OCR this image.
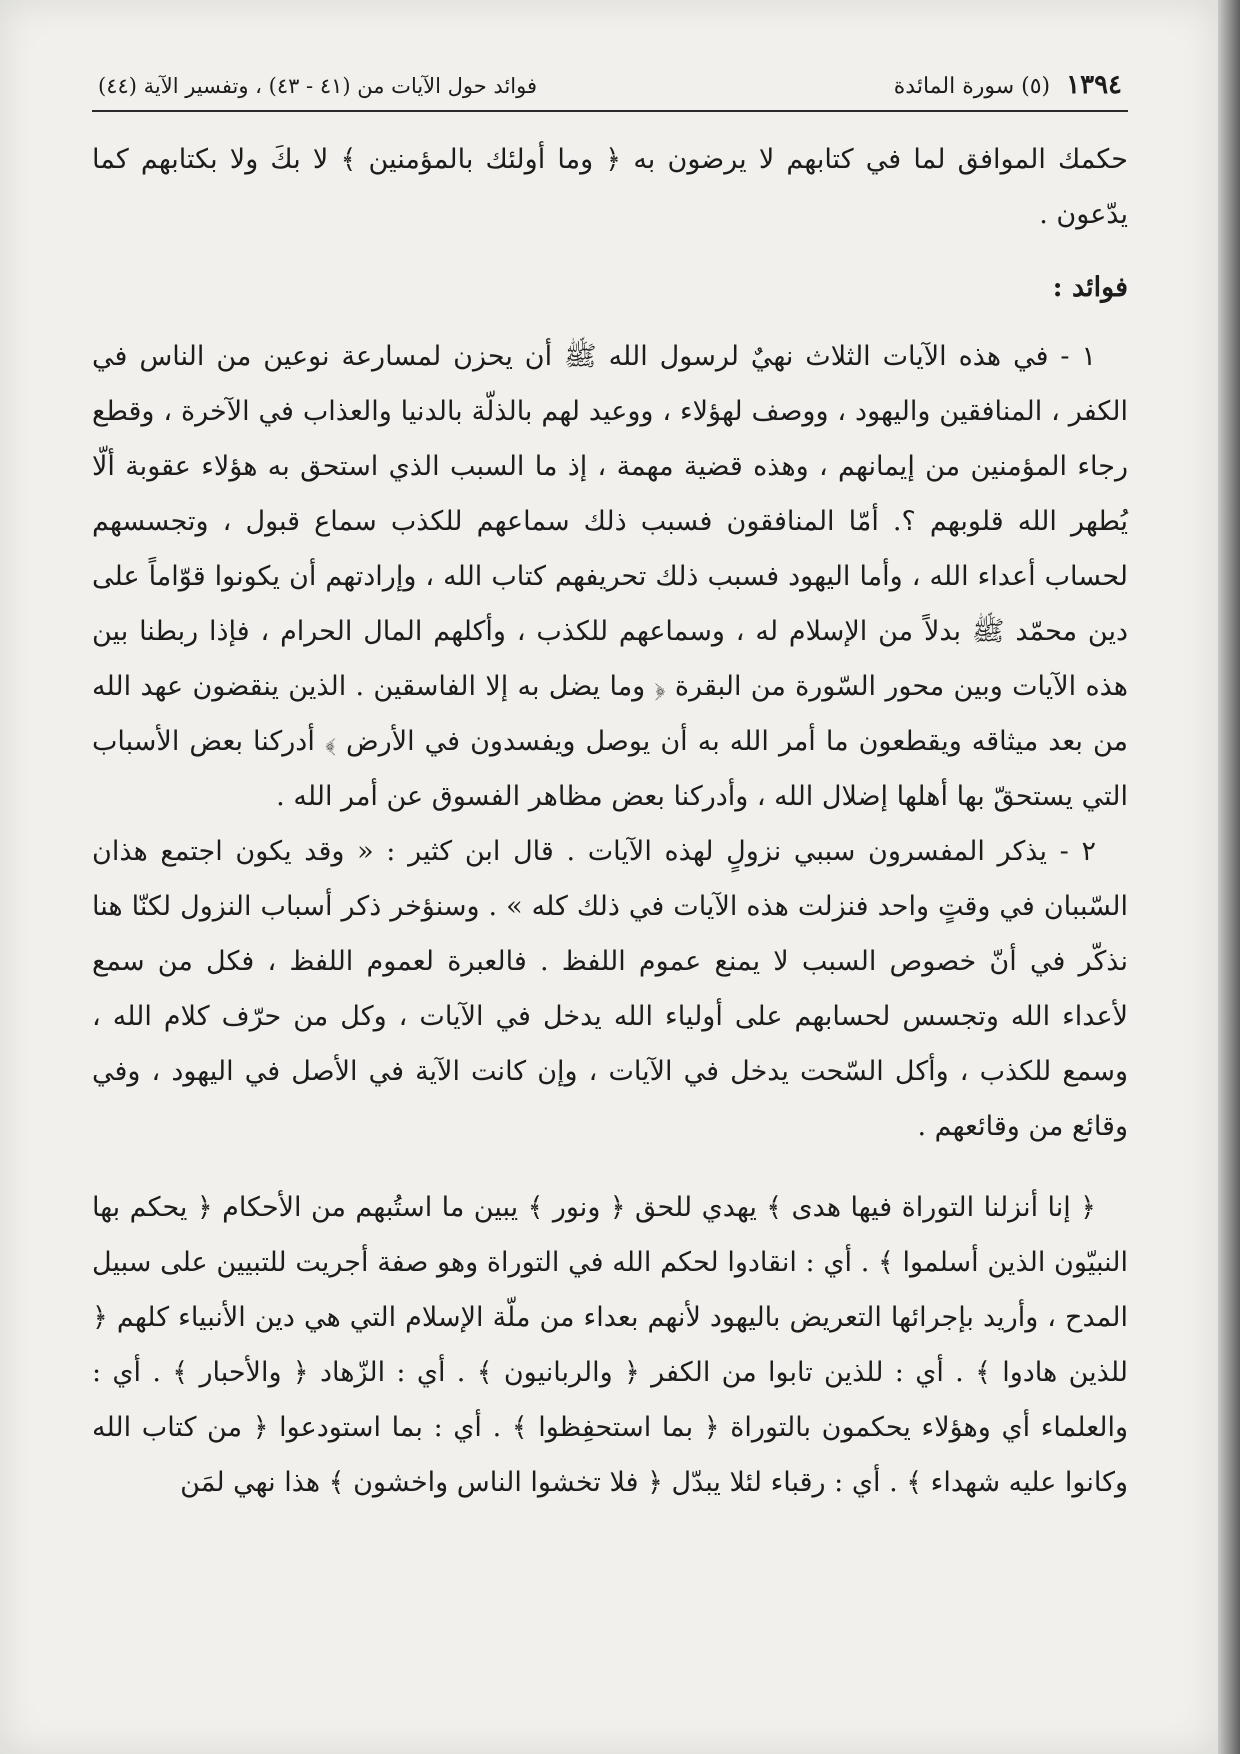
١٣٩٤
(٥) سورة المائدة
فوائد حول الآيات من (٤١ - ٤٣) ، وتفسير الآية (٤٤)

حكمك الموافق لما في كتابهم لا يرضون به ﴿ وما أولئك بالمؤمنين ﴾ لا بكَ ولا بكتابهم كما يدّعون .

فوائد :

١ - في هذه الآيات الثلاث نهيٌ لرسول الله ﷺ أن يحزن لمسارعة نوعين من الناس في الكفر ، المنافقين واليهود ، ووصف لهؤلاء ، ووعيد لهم بالذلّة بالدنيا والعذاب في الآخرة ، وقطع رجاء المؤمنين من إيمانهم ، وهذه قضية مهمة ، إذ ما السبب الذي استحق به هؤلاء عقوبة ألّا يُطهر الله قلوبهم ؟. أمّا المنافقون فسبب ذلك سماعهم للكذب سماع قبول ، وتجسسهم لحساب أعداء الله ، وأما اليهود فسبب ذلك تحريفهم كتاب الله ، وإرادتهم أن يكونوا قوّاماً على دين محمّد ﷺ بدلاً من الإسلام له ، وسماعهم للكذب ، وأكلهم المال الحرام ، فإذا ربطنا بين هذه الآيات وبين محور السّورة من البقرة ﴿ وما يضل به إلا الفاسقين . الذين ينقضون عهد الله من بعد ميثاقه ويقطعون ما أمر الله به أن يوصل ويفسدون في الأرض ﴾ أدركنا بعض الأسباب التي يستحقّ بها أهلها إضلال الله ، وأدركنا بعض مظاهر الفسوق عن أمر الله .

٢ - يذكر المفسرون سببي نزولٍ لهذه الآيات . قال ابن كثير : « وقد يكون اجتمع هذان السّببان في وقتٍ واحد فنزلت هذه الآيات في ذلك كله » . وسنؤخر ذكر أسباب النزول لكنّا هنا نذكّر في أنّ خصوص السبب لا يمنع عموم اللفظ . فالعبرة لعموم اللفظ ، فكل من سمع لأعداء الله وتجسس لحسابهم على أولياء الله يدخل في الآيات ، وكل من حرّف كلام الله ، وسمع للكذب ، وأكل السّحت يدخل في الآيات ، وإن كانت الآية في الأصل في اليهود ، وفي وقائع من وقائعهم .

﴿ إنا أنزلنا التوراة فيها هدى ﴾ يهدي للحق ﴿ ونور ﴾ يبين ما استُبهم من الأحكام ﴿ يحكم بها النبيّون الذين أسلموا ﴾ . أي : انقادوا لحكم الله في التوراة وهو صفة أجريت للتبيين على سبيل المدح ، وأريد بإجرائها التعريض باليهود لأنهم بعداء من ملّة الإسلام التي هي دين الأنبياء كلهم ﴿ للذين هادوا ﴾ . أي : للذين تابوا من الكفر ﴿ والربانيون ﴾ . أي : الزّهاد ﴿ والأحبار ﴾ . أي : والعلماء أي وهؤلاء يحكمون بالتوراة ﴿ بما استحفِظوا ﴾ . أي : بما استودعوا ﴿ من كتاب الله وكانوا عليه شهداء ﴾ . أي : رقباء لئلا يبدّل ﴿ فلا تخشوا الناس واخشون ﴾ هذا نهي لمَن
